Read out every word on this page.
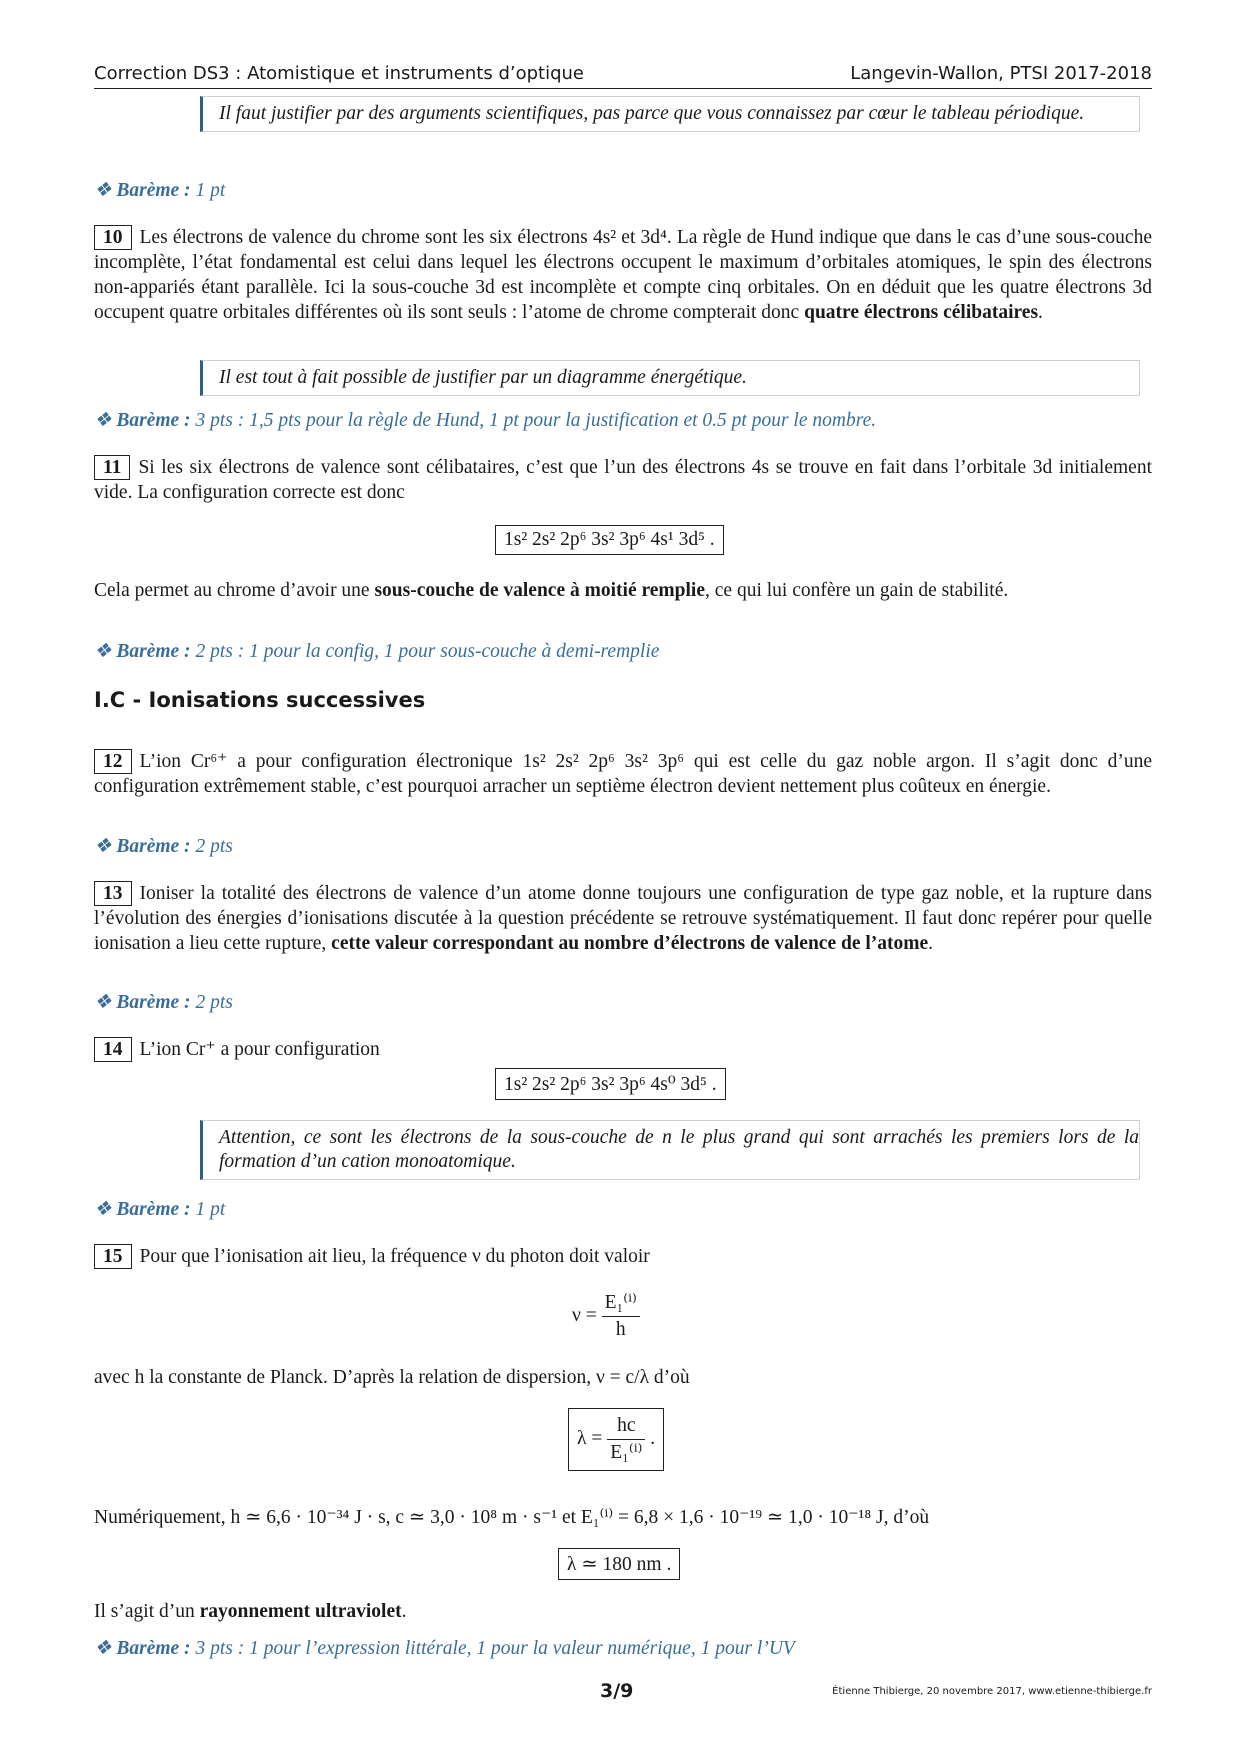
Correction DS3 : Atomistique et instruments d’optique	Langevin-Wallon, PTSI 2017-2018
Il faut justifier par des arguments scientifiques, pas parce que vous connaissez par cœur le tableau périodique.
❖ Barème : 1 pt

10 Les électrons de valence du chrome sont les six électrons 4s² et 3d⁴. La règle de Hund indique que dans le cas d’une sous-couche incomplète, l’état fondamental est celui dans lequel les électrons occupent le maximum d’orbitales atomiques, le spin des électrons non-appariés étant parallèle. Ici la sous-couche 3d est incomplète et compte cinq orbitales. On en déduit que les quatre électrons 3d occupent quatre orbitales différentes où ils sont seuls : l’atome de chrome compterait donc quatre électrons célibataires.

Il est tout à fait possible de justifier par un diagramme énergétique.
❖ Barème : 3 pts : 1,5 pts pour la règle de Hund, 1 pt pour la justification et 0.5 pt pour le nombre.

11 Si les six électrons de valence sont célibataires, c’est que l’un des électrons 4s se trouve en fait dans l’orbitale 3d initialement vide. La configuration correcte est donc

1s² 2s² 2p⁶ 3s² 3p⁶ 4s¹ 3d⁵ .

Cela permet au chrome d’avoir une sous-couche de valence à moitié remplie, ce qui lui confère un gain de stabilité.

❖ Barème : 2 pts : 1 pour la config, 1 pour sous-couche à demi-remplie
I.C - Ionisations successives

12 L’ion Cr⁶⁺ a pour configuration électronique 1s² 2s² 2p⁶ 3s² 3p⁶ qui est celle du gaz noble argon. Il s’agit donc d’une configuration extrêmement stable, c’est pourquoi arracher un septième électron devient nettement plus coûteux en énergie.

❖ Barème : 2 pts

13 Ioniser la totalité des électrons de valence d’un atome donne toujours une configuration de type gaz noble, et la rupture dans l’évolution des énergies d’ionisations discutée à la question précédente se retrouve systématiquement. Il faut donc repérer pour quelle ionisation a lieu cette rupture, cette valeur correspondant au nombre d’électrons de valence de l’atome.

❖ Barème : 2 pts

14 L’ion Cr⁺ a pour configuration

1s² 2s² 2p⁶ 3s² 3p⁶ 4s⁰ 3d⁵ .
Attention, ce sont les électrons de la sous-couche de n le plus grand qui sont arrachés les premiers lors de la formation d’un cation monoatomique.
❖ Barème : 1 pt

15 Pour que l’ionisation ait lieu, la fréquence ν du photon doit valoir

$\nu = \frac{\text{E₁⁽ⁱ⁾}}{h}$

avec h la constante de Planck. D’après la relation de dispersion, ν = c/λ d’où

$\lambda = \frac{hc}{\text{E₁⁽ⁱ⁾}}$ .

Numériquement, h ≃ 6,6 · 10⁻³⁴ J · s, c ≃ 3,0 · 10⁸ m · s⁻¹ et E₁⁽ⁱ⁾ = 6,8 × 1,6 · 10⁻¹⁹ ≃ 1,0 · 10⁻¹⁸ J, d’où

λ ≃ 180 nm .

Il s’agit d’un rayonnement ultraviolet.

❖ Barème : 3 pts : 1 pour l’expression littérale, 1 pour la valeur numérique, 1 pour l’UV
3/9	Étienne Thibierge, 20 novembre 2017, www.etienne-thibierge.fr
